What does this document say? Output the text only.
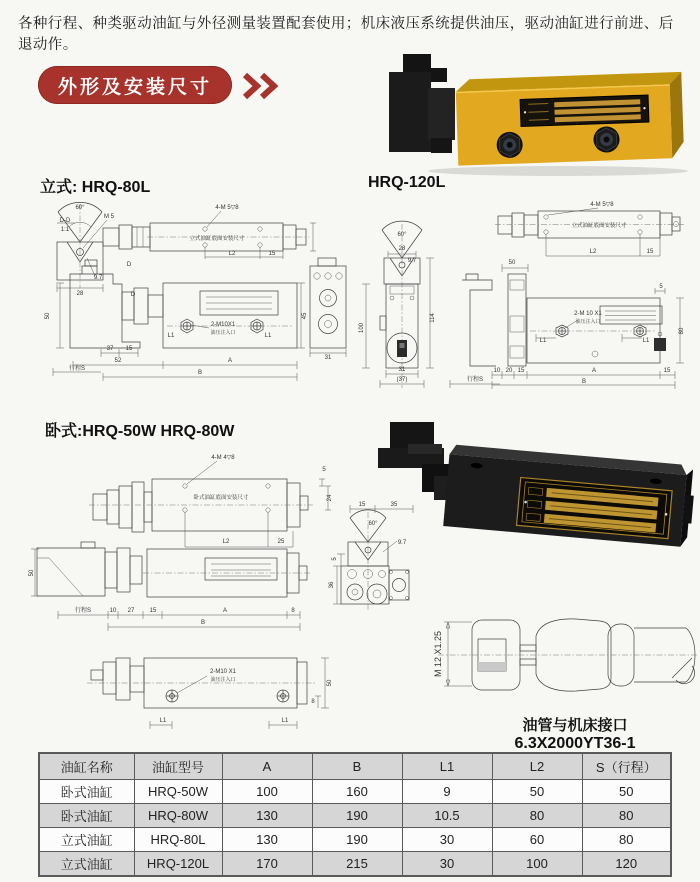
各种行程、种类驱动油缸与外径测量装置配套使用；机床液压系统提供油压，驱动油缸进行前进、后退动作。
外形及安装尺寸
立式: HRQ-80L	HRQ-120L
60°
D-D
1:1
M 5
9.7
28
4-M 5▽8
立式油缸底面安装尺寸
L2	15
D
D
2-M10X1
油压注入口
L1	L1
37 15
52	A
B
行程S
45
31
50
4-M 5▽8
立式油缸底面安装尺寸
L2	15
60°
28
9.7
100
114
31
(37)	行程S
50
2-M 10 X1
油压注入口
L1	L1
10 20 15	A	15
B
80
5
卧式:HRQ-50W HRQ-80W
4-M 4▽8
卧式油缸底面安装尺寸
L2	25
5
24
50
行程S	10 27	15	A	8
B
2-M10 X1
油压注入口
L1	L1
50
8
15	35
60°
9.7
5
36
M 12 X1.25
油管与机床接口
6.3X2000YT36-1
油缸名称	油缸型号	A	B	L1	L2	S（行程）
卧式油缸	HRQ-50W	100	160	9	50	50
卧式油缸	HRQ-80W	130	190	10.5	80	80
立式油缸	HRQ-80L	130	190	30	60	80
立式油缸	HRQ-120L	170	215	30	100	120
